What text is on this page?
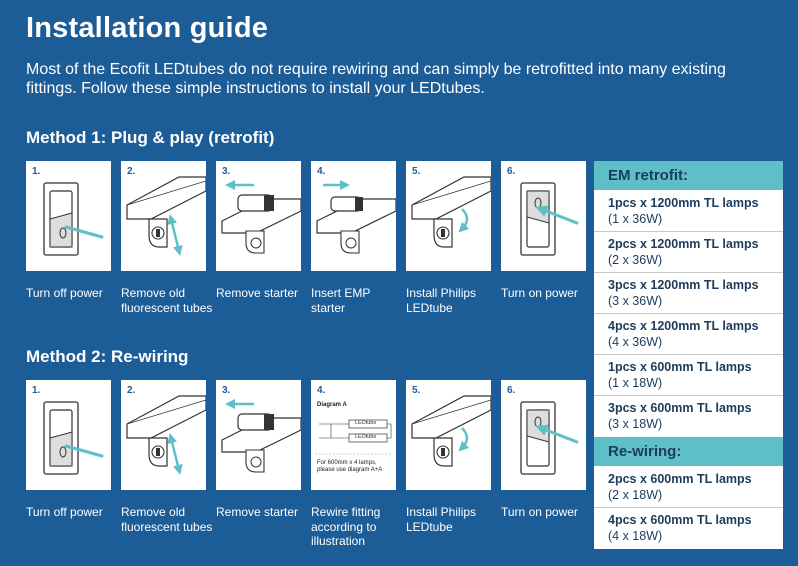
Installation guide
Most of the Ecofit LEDtubes do not require rewiring and can simply be retrofitted into many existing fittings. Follow these simple instructions to install your LEDtubes.
Method 1: Plug & play (retrofit)
1.	2.	3.	4.	5.	6.
Turn off power	Remove old fluorescent tubes
Remove starter	Insert EMP starter
Install Philips LEDtube
Turn on power
Method 2: Re-wiring
1.	2.	3.	4.
Diagram A
LEDtube
LEDtube
For 600mm x 4 lamps, please use diagram A+A
5.	6.
Turn off power	Remove old fluorescent tubes
Remove starter	Rewire fitting according to illustration
Install Philips LEDtube
Turn on power
EM retrofit:
1pcs x 1200mm TL lamps
(1 x 36W)
2pcs x 1200mm TL lamps
(2 x 36W)
3pcs x 1200mm TL lamps
(3 x 36W)
4pcs x 1200mm TL lamps
(4 x 36W)
1pcs x 600mm TL lamps
(1 x 18W)
3pcs x 600mm TL lamps
(3 x 18W)
Re-wiring:
2pcs x 600mm TL lamps
(2 x 18W)
4pcs x 600mm TL lamps
(4 x 18W)
